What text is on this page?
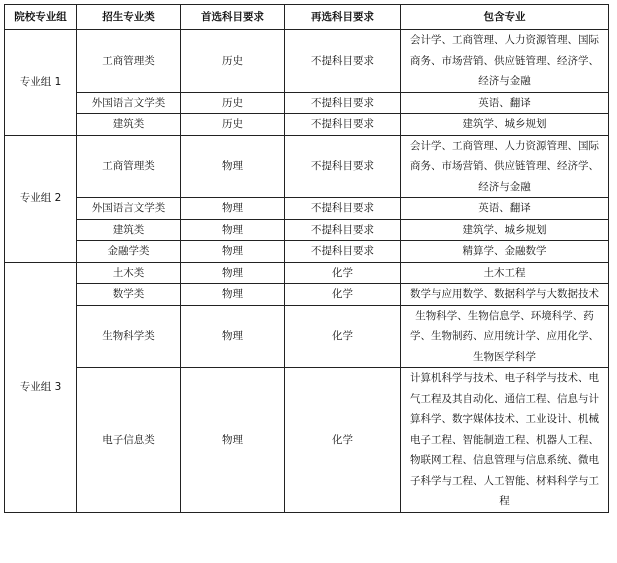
院校专业组	招生专业类	首选科目要求	再选科目要求	包含专业
专业组 1	工商管理类	历史	不提科目要求	会计学、工商管理、人力资源管理、国际商务、市场营销、供应链管理、经济学、经济与金融
	外国语言文学类	历史	不提科目要求	英语、翻译
	建筑类	历史	不提科目要求	建筑学、城乡规划
专业组 2	工商管理类	物理	不提科目要求	会计学、工商管理、人力资源管理、国际商务、市场营销、供应链管理、经济学、经济与金融
	外国语言文学类	物理	不提科目要求	英语、翻译
	建筑类	物理	不提科目要求	建筑学、城乡规划
	金融学类	物理	不提科目要求	精算学、金融数学
专业组 3	土木类	物理	化学	土木工程
	数学类	物理	化学	数学与应用数学、数据科学与大数据技术
	生物科学类	物理	化学	生物科学、生物信息学、环境科学、药学、生物制药、应用统计学、应用化学、生物医学科学
	电子信息类	物理	化学	计算机科学与技术、电子科学与技术、电气工程及其自动化、通信工程、信息与计算科学、数字媒体技术、工业设计、机械电子工程、智能制造工程、机器人工程、物联网工程、信息管理与信息系统、微电子科学与工程、人工智能、材料科学与工程
